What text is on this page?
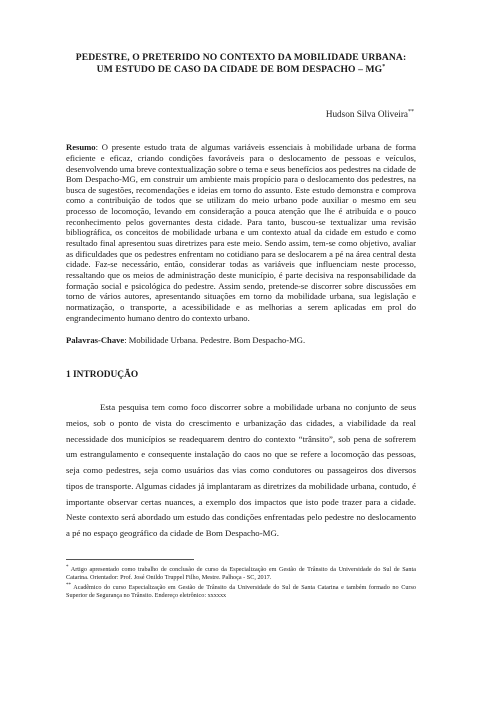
PEDESTRE, O PRETERIDO NO CONTEXTO DA MOBILIDADE URBANA:
UM ESTUDO DE CASO DA CIDADE DE BOM DESPACHO – MG*
Hudson Silva Oliveira**

Resumo: O presente estudo trata de algumas variáveis essenciais à mobilidade urbana de forma eficiente e eficaz, criando condições favoráveis para o deslocamento de pessoas e veículos, desenvolvendo uma breve contextualização sobre o tema e seus benefícios aos pedestres na cidade de Bom Despacho-MG, em construir um ambiente mais propício para o deslocamento dos pedestres, na busca de sugestões, recomendações e ideias em torno do assunto. Este estudo demonstra e comprova como a contribuição de todos que se utilizam do meio urbano pode auxiliar o mesmo em seu processo de locomoção, levando em consideração a pouca atenção que lhe é atribuída e o pouco reconhecimento pelos governantes desta cidade. Para tanto, buscou-se textualizar uma revisão bibliográfica, os conceitos de mobilidade urbana e um contexto atual da cidade em estudo e como resultado final apresentou suas diretrizes para este meio. Sendo assim, tem-se como objetivo, avaliar as dificuldades que os pedestres enfrentam no cotidiano para se deslocarem a pé na área central desta cidade. Faz-se necessário, então, considerar todas as variáveis que influenciam neste processo, ressaltando que os meios de administração deste município, é parte decisiva na responsabilidade da formação social e psicológica do pedestre. Assim sendo, pretende-se discorrer sobre discussões em torno de vários autores, apresentando situações em torno da mobilidade urbana, sua legislação e normatização, o transporte, a acessibilidade e as melhorias a serem aplicadas em prol do engrandecimento humano dentro do contexto urbano.

Palavras-Chave: Mobilidade Urbana. Pedestre. Bom Despacho-MG.

1 INTRODUÇÃO

Esta pesquisa tem como foco discorrer sobre a mobilidade urbana no conjunto de seus meios, sob o ponto de vista do crescimento e urbanização das cidades, a viabilidade da real necessidade dos municípios se readequarem dentro do contexto “trânsito”, sob pena de sofrerem um estrangulamento e consequente instalação do caos no que se refere a locomoção das pessoas, seja como pedestres, seja como usuários das vias como condutores ou passageiros dos diversos tipos de transporte. Algumas cidades já implantaram as diretrizes da mobilidade urbana, contudo, é importante observar certas nuances, a exemplo dos impactos que isto pode trazer para a cidade. Neste contexto será abordado um estudo das condições enfrentadas pelo pedestre no deslocamento a pé no espaço geográfico da cidade de Bom Despacho-MG.

* Artigo apresentado como trabalho de conclusão de curso da Especialização em Gestão de Trânsito da Universidade do Sul de Santa Catarina. Orientador: Prof. José Onildo Truppel Filho, Mestre. Palhoça - SC, 2017.

** Acadêmico do curso Especialização em Gestão de Trânsito da Universidade do Sul de Santa Catarina e também formado no Curso Superior de Segurança no Trânsito. Endereço eletrônico: xxxxxx
